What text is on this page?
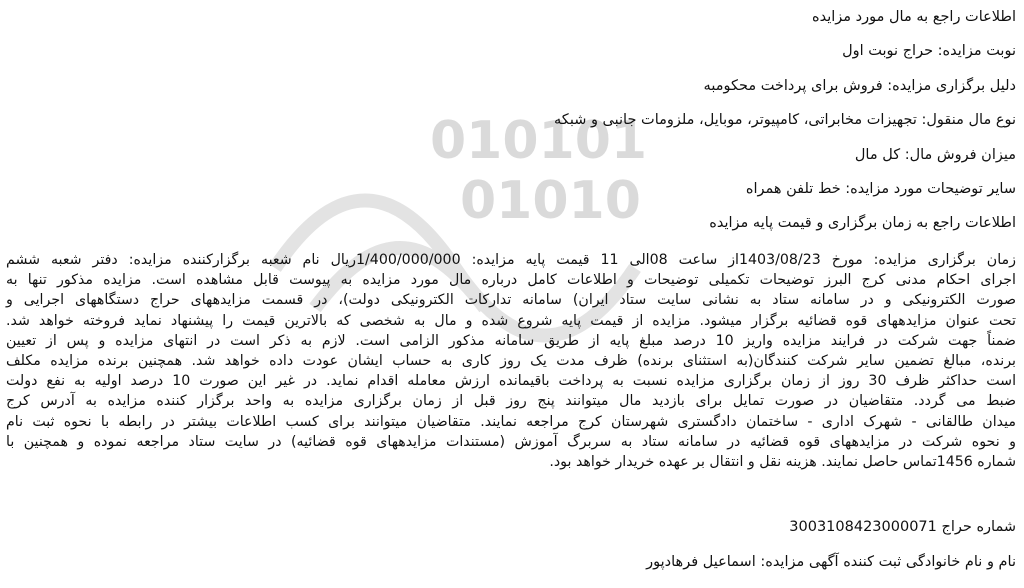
010101
01010
اطلاعات راجع به مال مورد مزایده
نوبت مزایده: حراج نوبت اول
دلیل برگزاری مزایده: فروش برای پرداخت محکومبه
نوع مال منقول: تجهیزات مخابراتی، کامپیوتر، موبایل، ملزومات جانبی و شبکه
میزان فروش مال: کل مال
سایر توضیحات مورد مزایده: خط تلفن همراه
اطلاعات راجع به زمان برگزاری و قیمت پایه مزایده
زمان برگزاری مزایده: مورخ 1403/08/23از ساعت 08الی 11 قیمت پایه مزایده: 1/400/000/000ریال نام شعبه برگزارکننده مزایده: دفتر شعبه ششم
اجرای احکام مدنی کرج البرز توضیحات تکمیلی توضیحات و اطلاعات کامل درباره مال مورد مزایده به پیوست قابل مشاهده است. مزایده مذکور تنها به
صورت الکترونیکی و در سامانه ستاد به نشانی سایت ستاد ایران) سامانه تدارکات الکترونیکی دولت)، در قسمت مزایدههای حراج دستگاههای اجرایی و
تحت عنوان مزایدههای قوه قضائیه برگزار میشود. مزایده از قیمت پایه شروع شده و مال به شخصی که بالاترین قیمت را پیشنهاد نماید فروخته خواهد شد.
ضمناً جهت شرکت در فرایند مزایده واریز 10 درصد مبلغ پایه از طریق سامانه مذکور الزامی است. لازم به ذکر است در انتهای مزایده و پس از تعیین
برنده، مبالغ تضمین سایر شرکت کنندگان(به استثنای برنده) ظرف مدت یک روز کاری به حساب ایشان عودت داده خواهد شد. همچنین برنده مزایده مکلف
است حداکثر ظرف 30 روز از زمان برگزاری مزایده نسبت به پرداخت باقیمانده ارزش معامله اقدام نماید. در غیر این صورت 10 درصد اولیه به نفع دولت
ضبط می گردد. متقاضیان در صورت تمایل برای بازدید مال میتوانند پنج روز قبل از زمان برگزاری مزایده به واحد برگزار کننده مزایده به آدرس کرج
میدان طالقانی - شهرک اداری - ساختمان دادگستری شهرستان کرج مراجعه نمایند. متقاضیان میتوانند برای کسب اطلاعات بیشتر در رابطه با نحوه ثبت نام
و نحوه شرکت در مزایدههای قوه قضائیه در سامانه ستاد به سربرگ آموزش (مستندات مزایدههای قوه قضائیه) در سایت ستاد مراجعه نموده و همچنین با
شماره 1456تماس حاصل نمایند. هزینه نقل و انتقال بر عهده خریدار خواهد بود.
شماره حراج 3003108423000071
نام و نام خانوادگی ثبت کننده آگهی مزایده: اسماعیل فرهادپور
